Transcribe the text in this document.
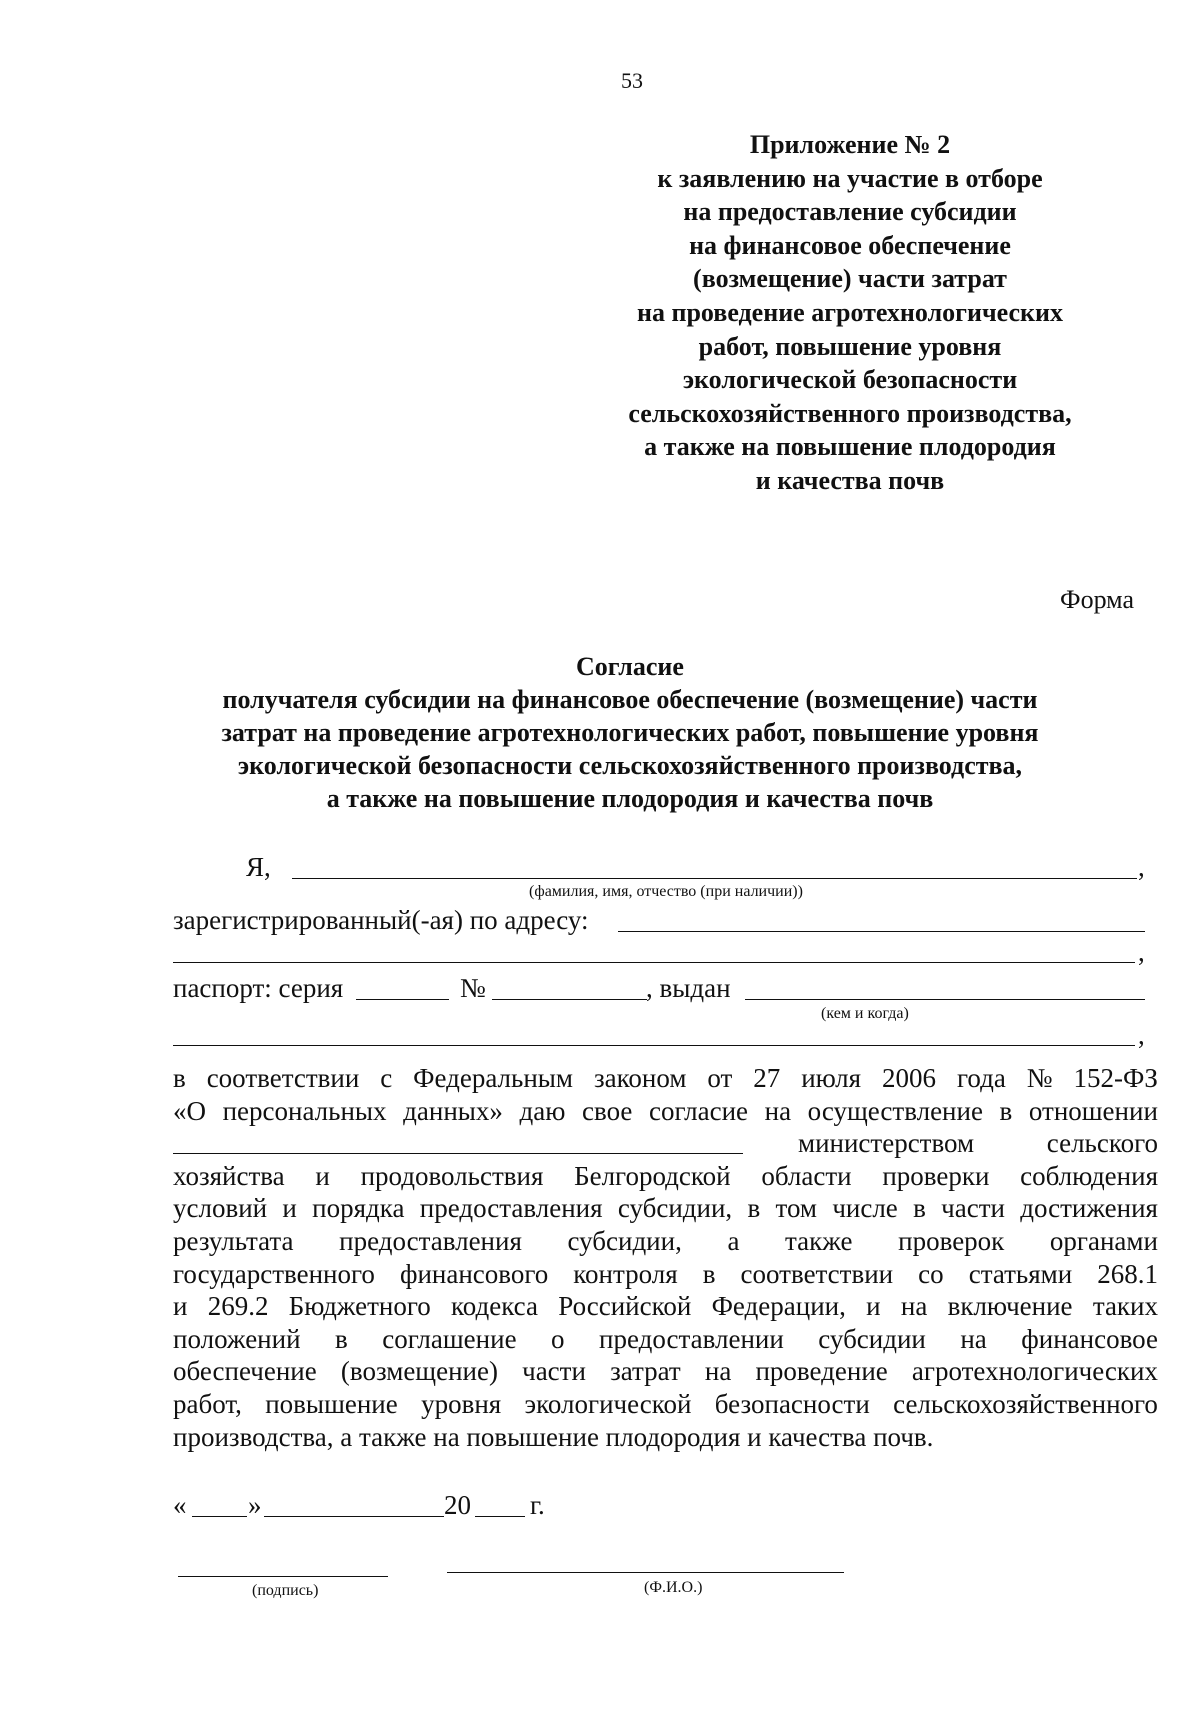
53
Приложение № 2
к заявлению на участие в отборе
на предоставление субсидии
на финансовое обеспечение
(возмещение) части затрат
на проведение агротехнологических
работ, повышение уровня
экологической безопасности
сельскохозяйственного производства,
а также на повышение плодородия
и качества почв
Форма
Согласие
получателя субсидии на финансовое обеспечение (возмещение) части
затрат на проведение агротехнологических работ, повышение уровня
экологической безопасности сельскохозяйственного производства,
а также на повышение плодородия и качества почв
Я,	,
(фамилия, имя, отчество (при наличии))
зарегистрированный(-ая) по адресу:
,
паспорт: серия	№	, выдан
(кем и когда)
,
в соответствии с Федеральным законом от 27 июля 2006 года № 152-ФЗ
«О персональных данных» даю свое согласие на осуществление в отношении
министерством	сельского
хозяйства и продовольствия Белгородской области проверки соблюдения
условий и порядка предоставления субсидии, в том числе в части достижения
результата предоставления субсидии, а также проверок органами
государственного финансового контроля в соответствии со статьями 268.1
и 269.2 Бюджетного кодекса Российской Федерации, и на включение таких
положений в соглашение о предоставлении субсидии на финансовое
обеспечение (возмещение) части затрат на проведение агротехнологических
работ, повышение уровня экологической безопасности сельскохозяйственного
производства, а также на повышение плодородия и качества почв.
« »	20 г.
(подпись)	(Ф.И.О.)
